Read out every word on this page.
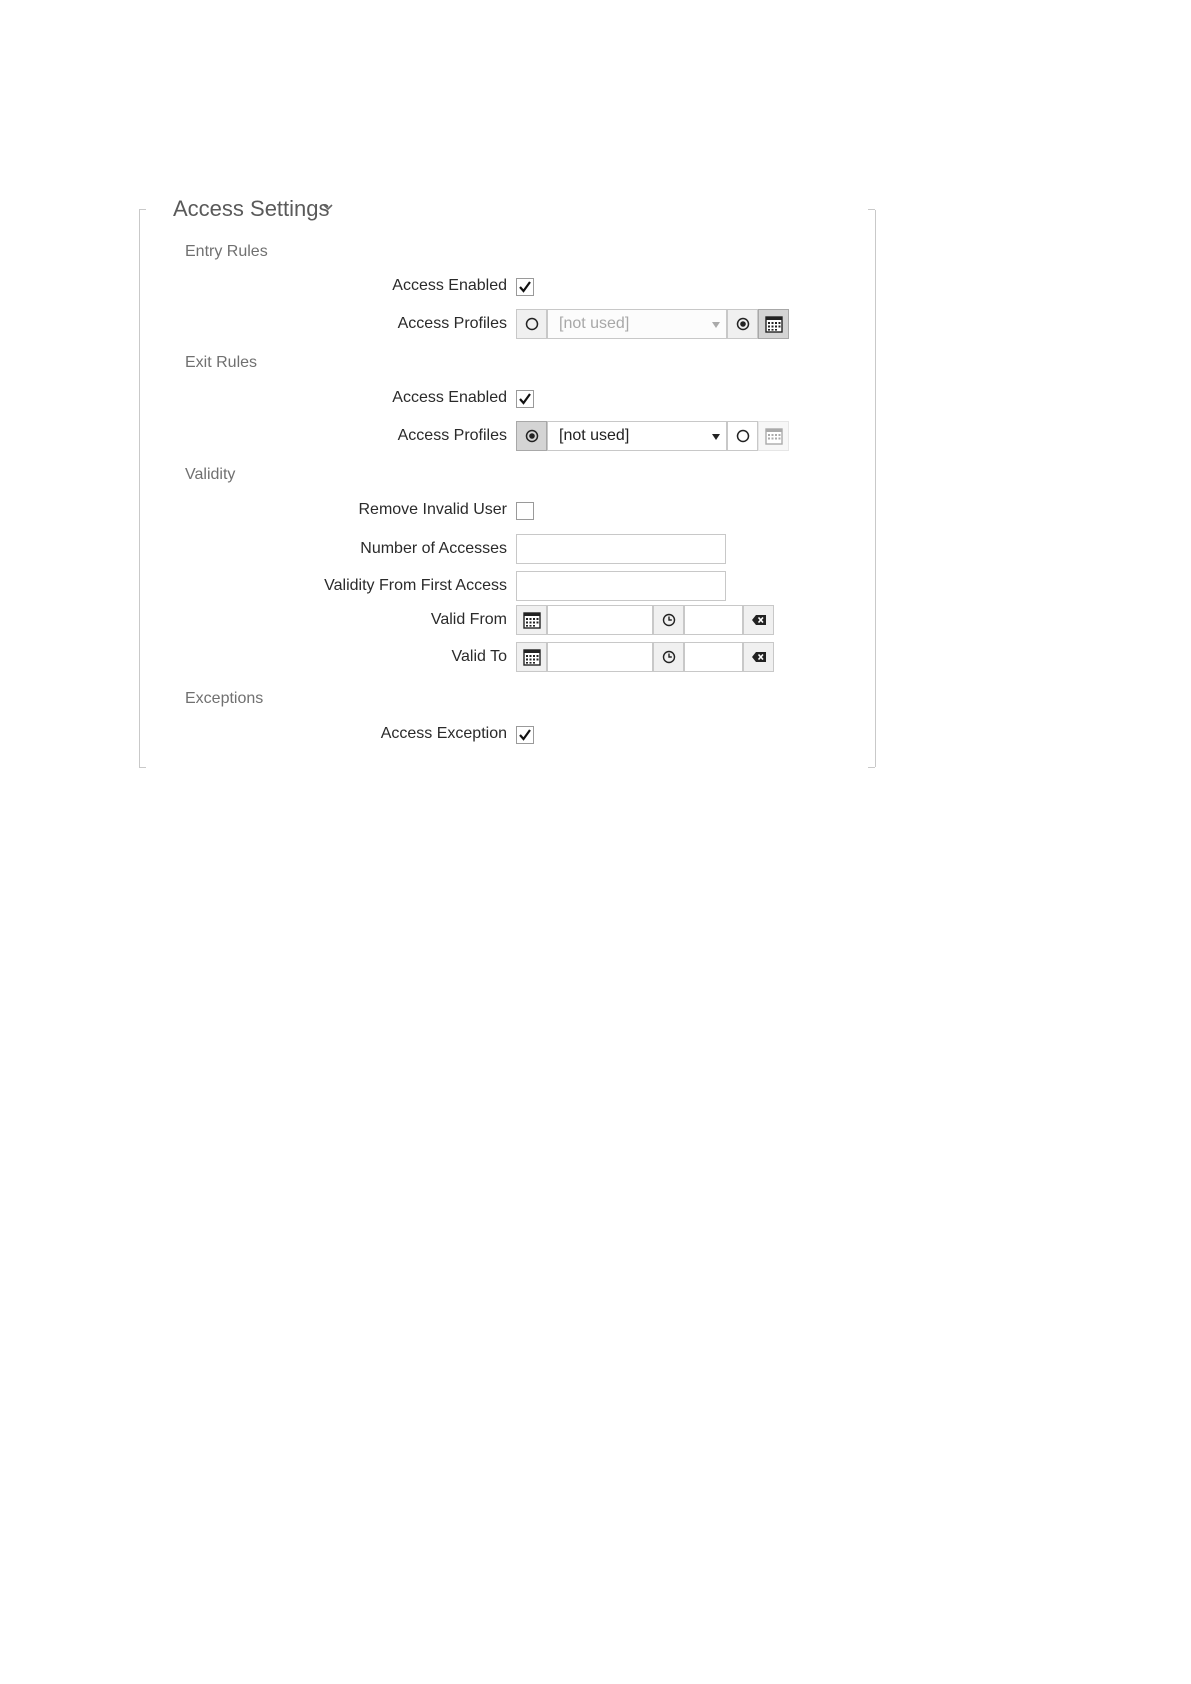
Access Settings
Entry Rules
Access Enabled
Access Profiles	[not used]
Exit Rules
Access Enabled
Access Profiles	[not used]
Validity
Remove Invalid User
Number of Accesses
Validity From First Access
Valid From
Valid To
Exceptions
Access Exception
